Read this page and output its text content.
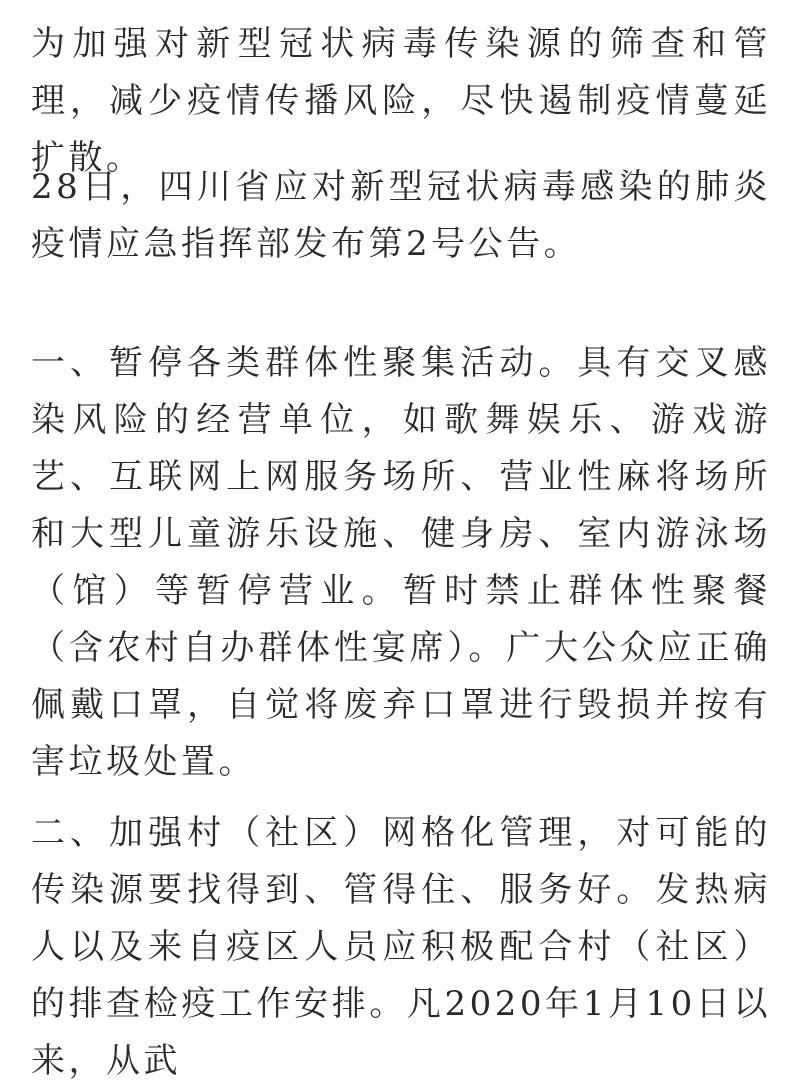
为加强对新型冠状病毒传染源的筛查和管理，减少疫情传播风险，尽快遏制疫情蔓延扩散。

28日，四川省应对新型冠状病毒感染的肺炎疫情应急指挥部发布第2号公告。

一、暂停各类群体性聚集活动。具有交叉感染风险的经营单位，如歌舞娱乐、游戏游艺、互联网上网服务场所、营业性麻将场所和大型儿童游乐设施、健身房、室内游泳场（馆）等暂停营业。暂时禁止群体性聚餐（含农村自办群体性宴席）。广大公众应正确佩戴口罩，自觉将废弃口罩进行毁损并按有害垃圾处置。

二、加强村（社区）网格化管理，对可能的传染源要找得到、管得住、服务好。发热病人以及来自疫区人员应积极配合村（社区）的排查检疫工作安排。凡2020年1月10日以来，从武
